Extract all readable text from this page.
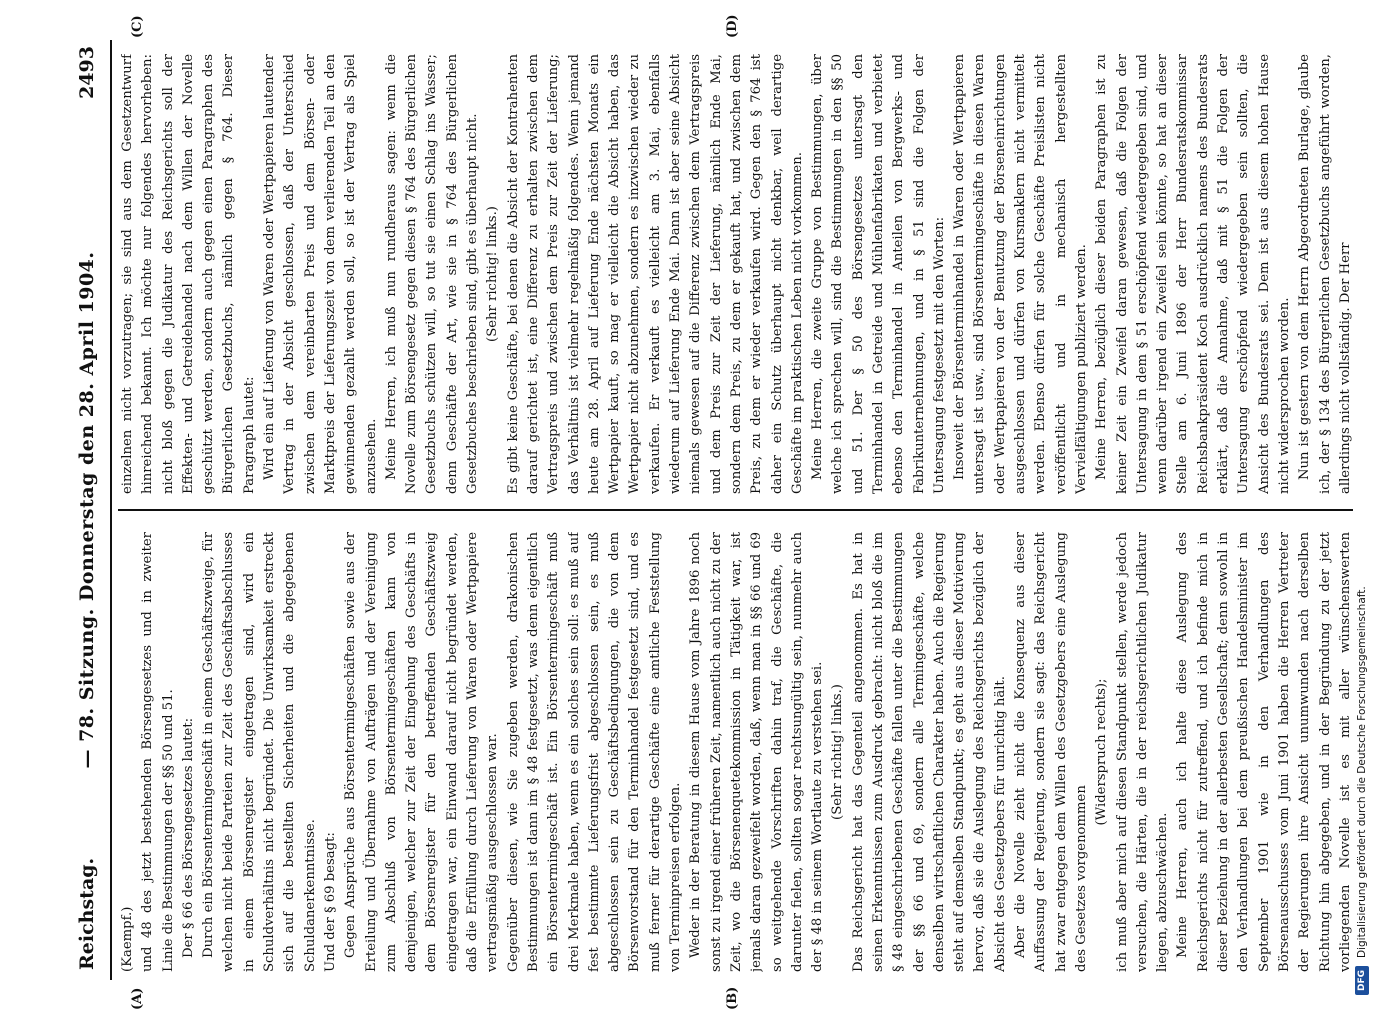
Reichstag.
— 78. Sitzung. Donnerstag den 28. April 1904.
2493
(A)	(B)
(C)	(D)

(Kaempf.) und 48 des jetzt bestehenden Börsengesetzes und in zweiter Linie die Bestimmungen der §§ 50 und 51. Der § 66 des Börsengesetzes lautet: Durch ein Börsentermingeschäft in einem Geschäftszweige, für welchen nicht beide Parteien zur Zeit des Geschäftsabschlusses in einem Börsenregister eingetragen sind, wird ein Schuldverhältnis nicht begründet. Die Unwirksamkeit erstreckt sich auf die bestellten Sicherheiten und die abgegebenen Schuldanerkenntnisse. Und der § 69 besagt: Gegen Ansprüche aus Börsentermingeschäften sowie aus der Erteilung und Übernahme von Aufträgen und der Vereinigung zum Abschluß von Börsentermingeschäften kann von demjenigen, welcher zur Zeit der Eingehung des Geschäfts in dem Börsenregister für den betreffenden Geschäftszweig eingetragen war, ein Einwand darauf nicht begründet werden, daß die Erfüllung durch Lieferung von Waren oder Wertpapiere vertragsmäßig ausgeschlossen war. Gegenüber diesen, wie Sie zugeben werden, drakonischen Bestimmungen ist dann im § 48 festgesetzt, was denn eigentlich ein Börsentermingeschäft ist. Ein Börsentermingeschäft muß drei Merkmale haben, wenn es ein solches sein soll: es muß auf fest bestimmte Lieferungsfrist abgeschlossen sein, es muß abgeschlossen sein zu Geschäftsbedingungen, die von dem Börsenvorstand für den Terminhandel festgesetzt sind, und es muß ferner für derartige Geschäfte eine amtliche Feststellung von Terminpreisen erfolgen. Weder in der Beratung in diesem Hause vom Jahre 1896 noch sonst zu irgend einer früheren Zeit, namentlich auch nicht zu der Zeit, wo die Börsenenquetekommission in Tätigkeit war, ist jemals daran gezweifelt worden, daß, wenn man in §§ 66 und 69 so weitgehende Vorschriften dahin traf, die Geschäfte, die darunter fielen, sollten sogar rechtsungültig sein, nunmehr auch der § 48 in seinem Wortlaute zu verstehen sei. (Sehr richtig! links.) Das Reichsgericht hat das Gegenteil angenommen. Es hat in seinen Erkenntnissen zum Ausdruck gebracht: nicht bloß die im § 48 eingeschriebenen Geschäfte fallen unter die Bestimmungen der §§ 66 und 69, sondern alle Termingeschäfte, welche denselben wirtschaftlichen Charakter haben. Auch die Regierung steht auf demselben Standpunkt; es geht aus dieser Motivierung hervor, daß sie die Auslegung des Reichsgerichts bezüglich der Absicht des Gesetzgebers für unrichtig hält. Aber die Novelle zieht nicht die Konsequenz aus dieser Auffassung der Regierung, sondern sie sagt: das Reichsgericht hat zwar entgegen dem Willen des Gesetzgebers eine Auslegung des Gesetzes vorgenommen

(Widerspruch rechts); ich muß aber mich auf diesen Standpunkt stellen, werde jedoch versuchen, die Härten, die in der reichsgerichtlichen Judikatur liegen, abzuschwächen. Meine Herren, auch ich halte diese Auslegung des Reichsgerichts nicht für zutreffend, und ich befinde mich in dieser Beziehung in der allerbesten Gesellschaft; denn sowohl in den Verhandlungen bei dem preußischen Handelsminister im September 1901 wie in den Verhandlungen des Börsenausschusses vom Juni 1901 haben die Herren Vertreter der Regierungen ihre Ansicht unumwunden nach derselben Richtung hin abgegeben, und in der Begründung zu der jetzt vorliegenden Novelle ist es mit aller wünschenswerten

einzelnen nicht vorzutragen; sie sind aus dem Gesetzentwurf hinreichend bekannt. Ich möchte nur folgendes hervorheben: nicht bloß gegen die Judikatur des Reichsgerichts soll der Effekten- und Getreidehandel nach dem Willen der Novelle geschützt werden, sondern auch gegen einen Paragraphen des Bürgerlichen Gesetzbuchs, nämlich gegen § 764. Dieser Paragraph lautet: Wird ein auf Lieferung von Waren oder Wertpapieren lautender Vertrag in der Absicht geschlossen, daß der Unterschied zwischen dem vereinbarten Preis und dem Börsen- oder Marktpreis der Lieferungszeit von dem verlierenden Teil an den gewinnenden gezahlt werden soll, so ist der Vertrag als Spiel anzusehen. Meine Herren, ich muß nun rundheraus sagen: wenn die Novelle zum Börsengesetz gegen diesen § 764 des Bürgerlichen Gesetzbuchs schützen will, so tut sie einen Schlag ins Wasser; denn Geschäfte der Art, wie sie in § 764 des Bürgerlichen Gesetzbuches beschrieben sind, gibt es überhaupt nicht. (Sehr richtig! links.) Es gibt keine Geschäfte, bei denen die Absicht der Kontrahenten darauf gerichtet ist, eine Differenz zu erhalten zwischen dem Vertragspreis und zwischen dem Preis zur Zeit der Lieferung; das Verhältnis ist vielmehr regelmäßig folgendes. Wenn jemand heute am 28. April auf Lieferung Ende nächsten Monats ein Wertpapier kauft, so mag er vielleicht die Absicht haben, das Wertpapier nicht abzunehmen, sondern es inzwischen wieder zu verkaufen. Er verkauft es vielleicht am 3. Mai, ebenfalls wiederum auf Lieferung Ende Mai. Dann ist aber seine Absicht niemals gewesen auf die Differenz zwischen dem Vertragspreis und dem Preis zur Zeit der Lieferung, nämlich Ende Mai, sondern dem Preis, zu dem er gekauft hat, und zwischen dem Preis, zu dem er wieder verkaufen wird. Gegen den § 764 ist daher ein Schutz überhaupt nicht denkbar, weil derartige Geschäfte im praktischen Leben nicht vorkommen. Meine Herren, die zweite Gruppe von Bestimmungen, über welche ich sprechen will, sind die Bestimmungen in den §§ 50 und 51. Der § 50 des Börsengesetzes untersagt den Terminhandel in Getreide und Mühlenfabrikaten und verbietet ebenso den Terminhandel in Anteilen von Bergwerks- und Fabrikunternehmungen, und in § 51 sind die Folgen der Untersagung festgesetzt mit den Worten: Insoweit der Börsenterminhandel in Waren oder Wertpapieren untersagt ist usw., sind Börsentermingeschäfte in diesen Waren oder Wertpapieren von der Benutzung der Börseneinrichtungen ausgeschlossen und dürfen von Kursmaklern nicht vermittelt werden. Ebenso dürfen für solche Geschäfte Preislisten nicht veröffentlicht und in mechanisch hergestellten Vervielfältigungen publiziert werden. Meine Herren, bezüglich dieser beiden Paragraphen ist zu keiner Zeit ein Zweifel daran gewesen, daß die Folgen der Untersagung in dem § 51 erschöpfend wiedergegeben sind, und wenn darüber irgend ein Zweifel sein könnte, so hat an dieser Stelle am 6. Juni 1896 der Herr Bundesratskommissar Reichsbankpräsident Koch ausdrücklich namens des Bundesrats erklärt, daß die Annahme, daß mit § 51 die Folgen der Untersagung erschöpfend wiedergegeben sein sollten, die Ansicht des Bundesrats sei. Dem ist aus diesem hohen Hause nicht widersprochen worden. Nun ist gestern von dem Herrn Abgeordneten Burlage, glaube ich, der § 134 des Bürgerlichen Gesetzbuchs angeführt worden, allerdings nicht vollständig. Der Herr

DFG
Digitalisierung gefördert durch die Deutsche Forschungsgemeinschaft.
